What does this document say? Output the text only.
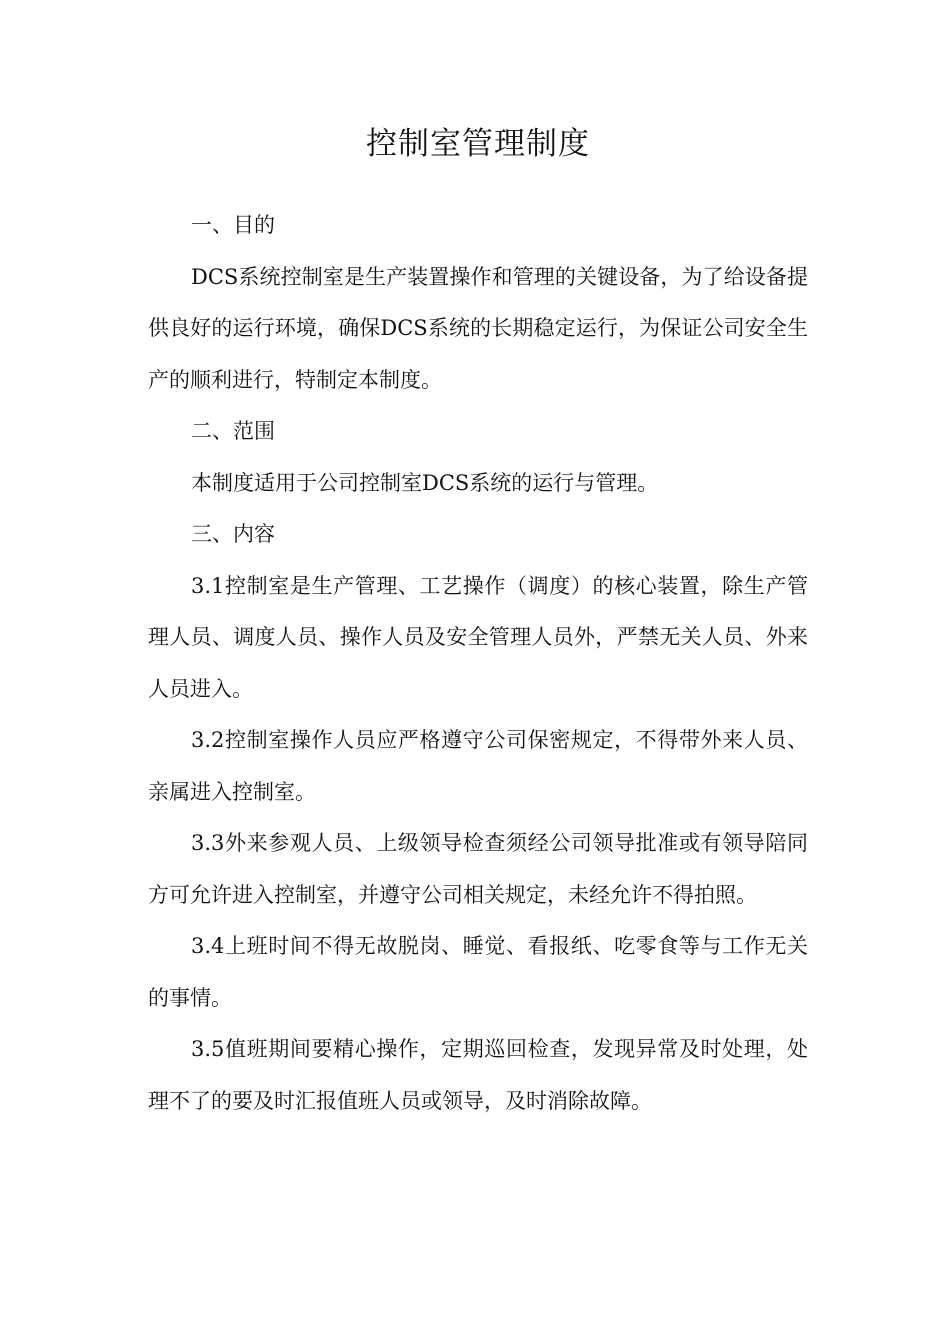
控制室管理制度

一、目的

DCS系统控制室是生产装置操作和管理的关键设备，为了给设备提供良好的运行环境，确保DCS系统的长期稳定运行，为保证公司安全生产的顺利进行，特制定本制度。

二、范围

本制度适用于公司控制室DCS系统的运行与管理。

三、内容

3.1控制室是生产管理、工艺操作（调度）的核心装置，除生产管理人员、调度人员、操作人员及安全管理人员外，严禁无关人员、外来人员进入。

3.2控制室操作人员应严格遵守公司保密规定，不得带外来人员、亲属进入控制室。

3.3外来参观人员、上级领导检查须经公司领导批准或有领导陪同方可允许进入控制室，并遵守公司相关规定，未经允许不得拍照。

3.4上班时间不得无故脱岗、睡觉、看报纸、吃零食等与工作无关的事情。

3.5值班期间要精心操作，定期巡回检查，发现异常及时处理，处理不了的要及时汇报值班人员或领导，及时消除故障。
